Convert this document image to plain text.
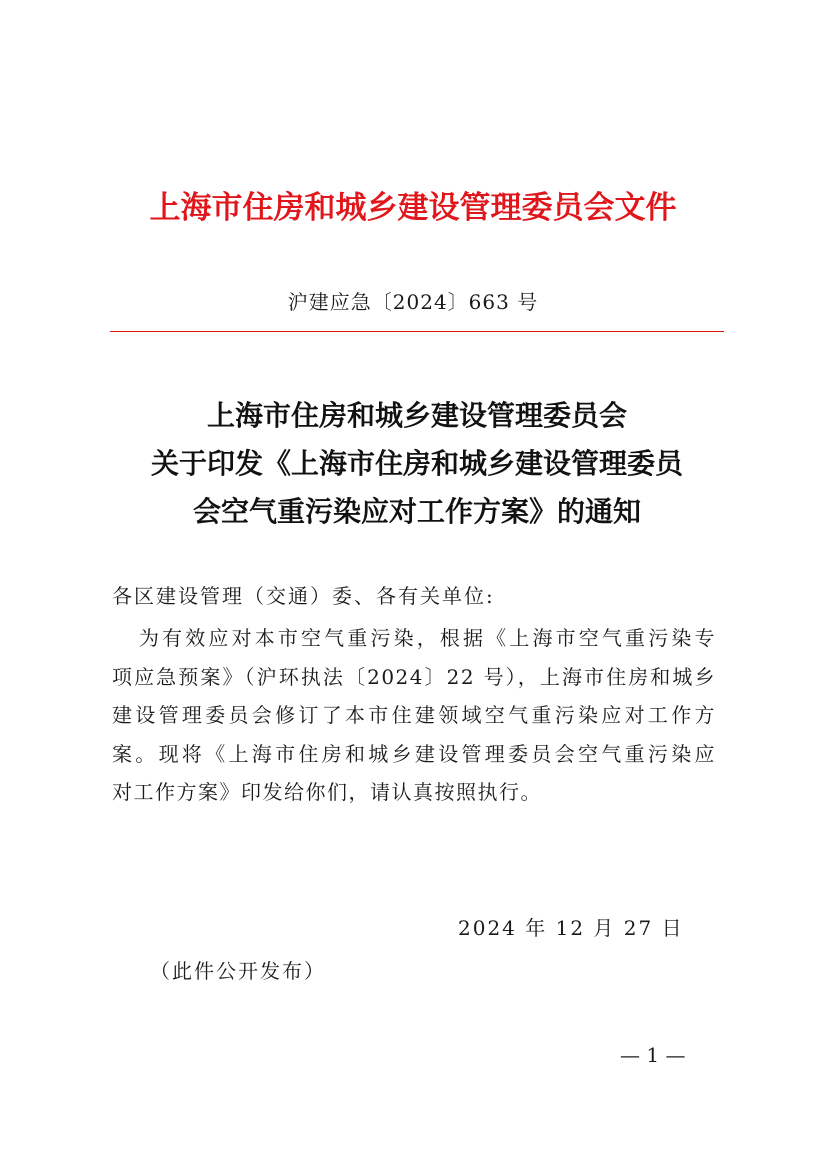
上海市住房和城乡建设管理委员会文件
沪建应急〔2024〕663 号
上海市住房和城乡建设管理委员会
关于印发《上海市住房和城乡建设管理委员
会空气重污染应对工作方案》的通知
各区建设管理（交通）委、各有关单位:
为有效应对本市空气重污染，根据《上海市空气重污染专
项应急预案》（沪环执法〔2024〕22 号），上海市住房和城乡
建设管理委员会修订了本市住建领域空气重污染应对工作方
案。现将《上海市住房和城乡建设管理委员会空气重污染应
对工作方案》印发给你们，请认真按照执行。
2024 年 12 月 27 日
（此件公开发布）
— 1 —
